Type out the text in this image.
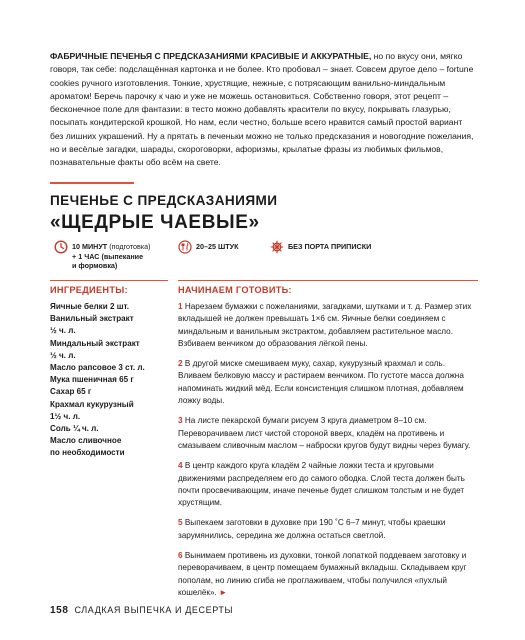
ФАБРИЧНЫЕ ПЕЧЕНЬЯ С ПРЕДСКАЗАНИЯМИ КРАСИВЫЕ И АККУРАТНЫЕ, но по вкусу они, мягко говоря, так себе: подслащённая картонка и не более. Кто пробовал – знает. Совсем другое дело – fortune cookies ручного изготовления. Тонкие, хрустящие, нежные, с потрясающим ванильно-миндальным ароматом! Беречь парочку к чаю и уже не можешь остановиться. Собственно говоря, этот рецепт – бесконечное поле для фантазии: в тесто можно добавлять красители по вкусу, покрывать глазурью, посыпать кондитерской крошкой. Но нам, если честно, больше всего нравится самый простой вариант без лишних украшений. Ну а прятать в печеньки можно не только предсказания и новогодние пожелания, но и весёлые загадки, шарады, скороговорки, афоризмы, крылатые фразы из любимых фильмов, познавательные факты обо всём на свете.
ПЕЧЕНЬЕ С ПРЕДСКАЗАНИЯМИ
«ЩЕДРЫЕ ЧАЕВЫЕ»
10 МИНУТ (подготовка)
+ 1 ЧАС (выпекание
и формовка)
20–25 ШТУК	БЕЗ ПОРТА ПРИПИСКИ
ИНГРЕДИЕНТЫ:	НАЧИНАЕМ ГОТОВИТЬ:
Яичные белки 2 шт.
Ванильный экстракт
½ ч. л.
Миндальный экстракт
½ ч. л.
Масло рапсовое 3 ст. л.
Мука пшеничная 65 г
Сахар 65 г
Крахмал кукурузный
1½ ч. л.
Соль ¼ ч. л.
Масло сливочное
по необходимости
1 Нарезаем бумажки с пожеланиями, загадками, шутками и т. д. Размер этих вкладышей не должен превышать 1×6 см. Яичные белки соединяем с миндальным и ванильным экстрактом, добавляем растительное масло. Взбиваем венчиком до образования лёгкой пены.
2 В другой миске смешиваем муку, сахар, кукурузный крахмал и соль. Вливаем белковую массу и растираем венчиком. По густоте масса должна напоминать жидкий мёд. Если консистенция слишком плотная, добавляем ложку воды.
3 На листе пекарской бумаги рисуем 3 круга диаметром 8–10 см. Переворачиваем лист чистой стороной вверх, кладём на противень и смазываем сливочным маслом – наброски кругов будут видны через бумагу.
4 В центр каждого круга кладём 2 чайные ложки теста и круговыми движениями распределяем его до самого ободка. Слой теста должен быть почти просвечивающим, иначе печенье будет слишком толстым и не будет хрустящим.
5 Выпекаем заготовки в духовке при 190 ˚С 6–7 минут, чтобы краешки зарумянились, середина же должна остаться светлой.
6 Вынимаем противень из духовки, тонкой лопаткой поддеваем заготовку и переворачиваем, в центр помещаем бумажный вкладыш. Складываем круг пополам, но линию сгиба не проглаживаем, чтобы получился «пухлый кошелёк». ►
158 СЛАДКАЯ ВЫПЕЧКА И ДЕСЕРТЫ
